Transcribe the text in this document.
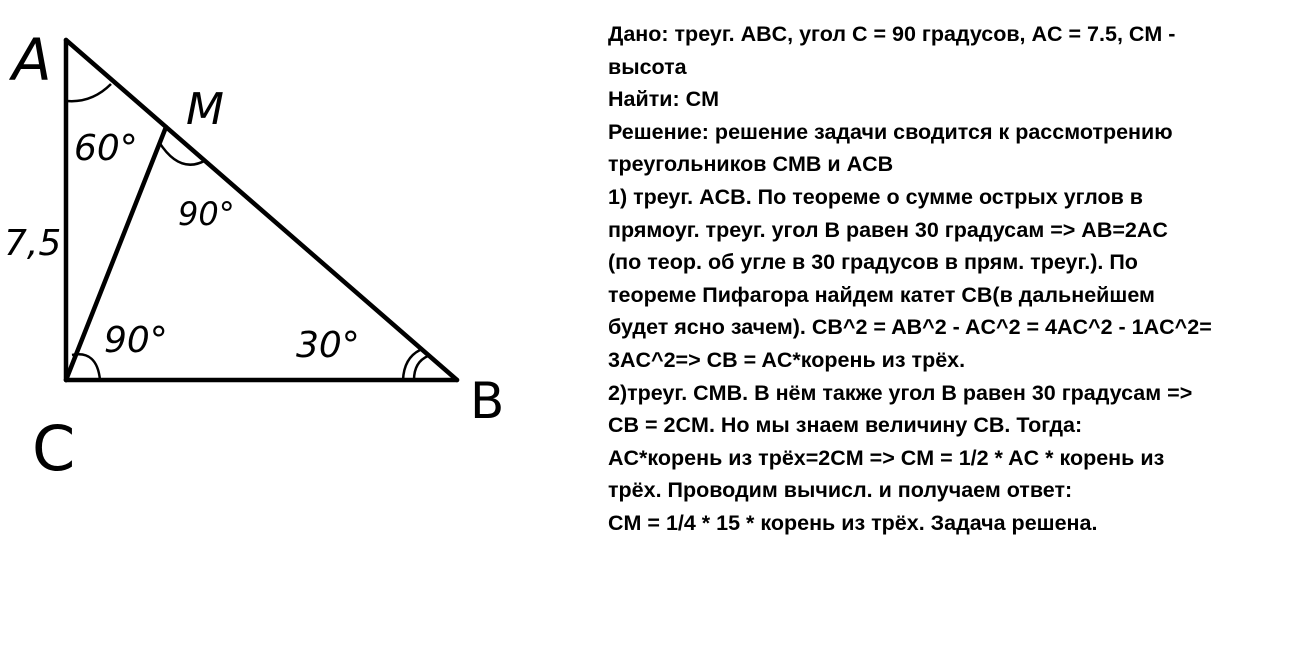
A
M
C
B
7,5
60°
90°
90°	30°
Дано: треуг. ABC, угол С = 90 градусов, AC = 7.5, CM -
высота
Найти: CM
Решение: решение задачи сводится к рассмотрению
треугольников CMB и ACB
1) треуг. ACB. По теореме о сумме острых углов в
прямоуг. треуг. угол B равен 30 градусам => AB=2AC
(по теор. об угле в 30 градусов в прям. треуг.). По
теореме Пифагора найдем катет CB(в дальнейшем
будет ясно зачем). CB^2 = AB^2 - AC^2 = 4AC^2 - 1AC^2=
3AC^2=> CB = AC*корень из трёх.
2)треуг. CMB. В нём также угол B равен 30 градусам =>
CB = 2CM. Но мы знаем величину CB. Тогда:
AC*корень из трёх=2CM => CM = 1/2 * AC * корень из
трёх. Проводим вычисл. и получаем ответ:
CM = 1/4 * 15 * корень из трёх. Задача решена.
